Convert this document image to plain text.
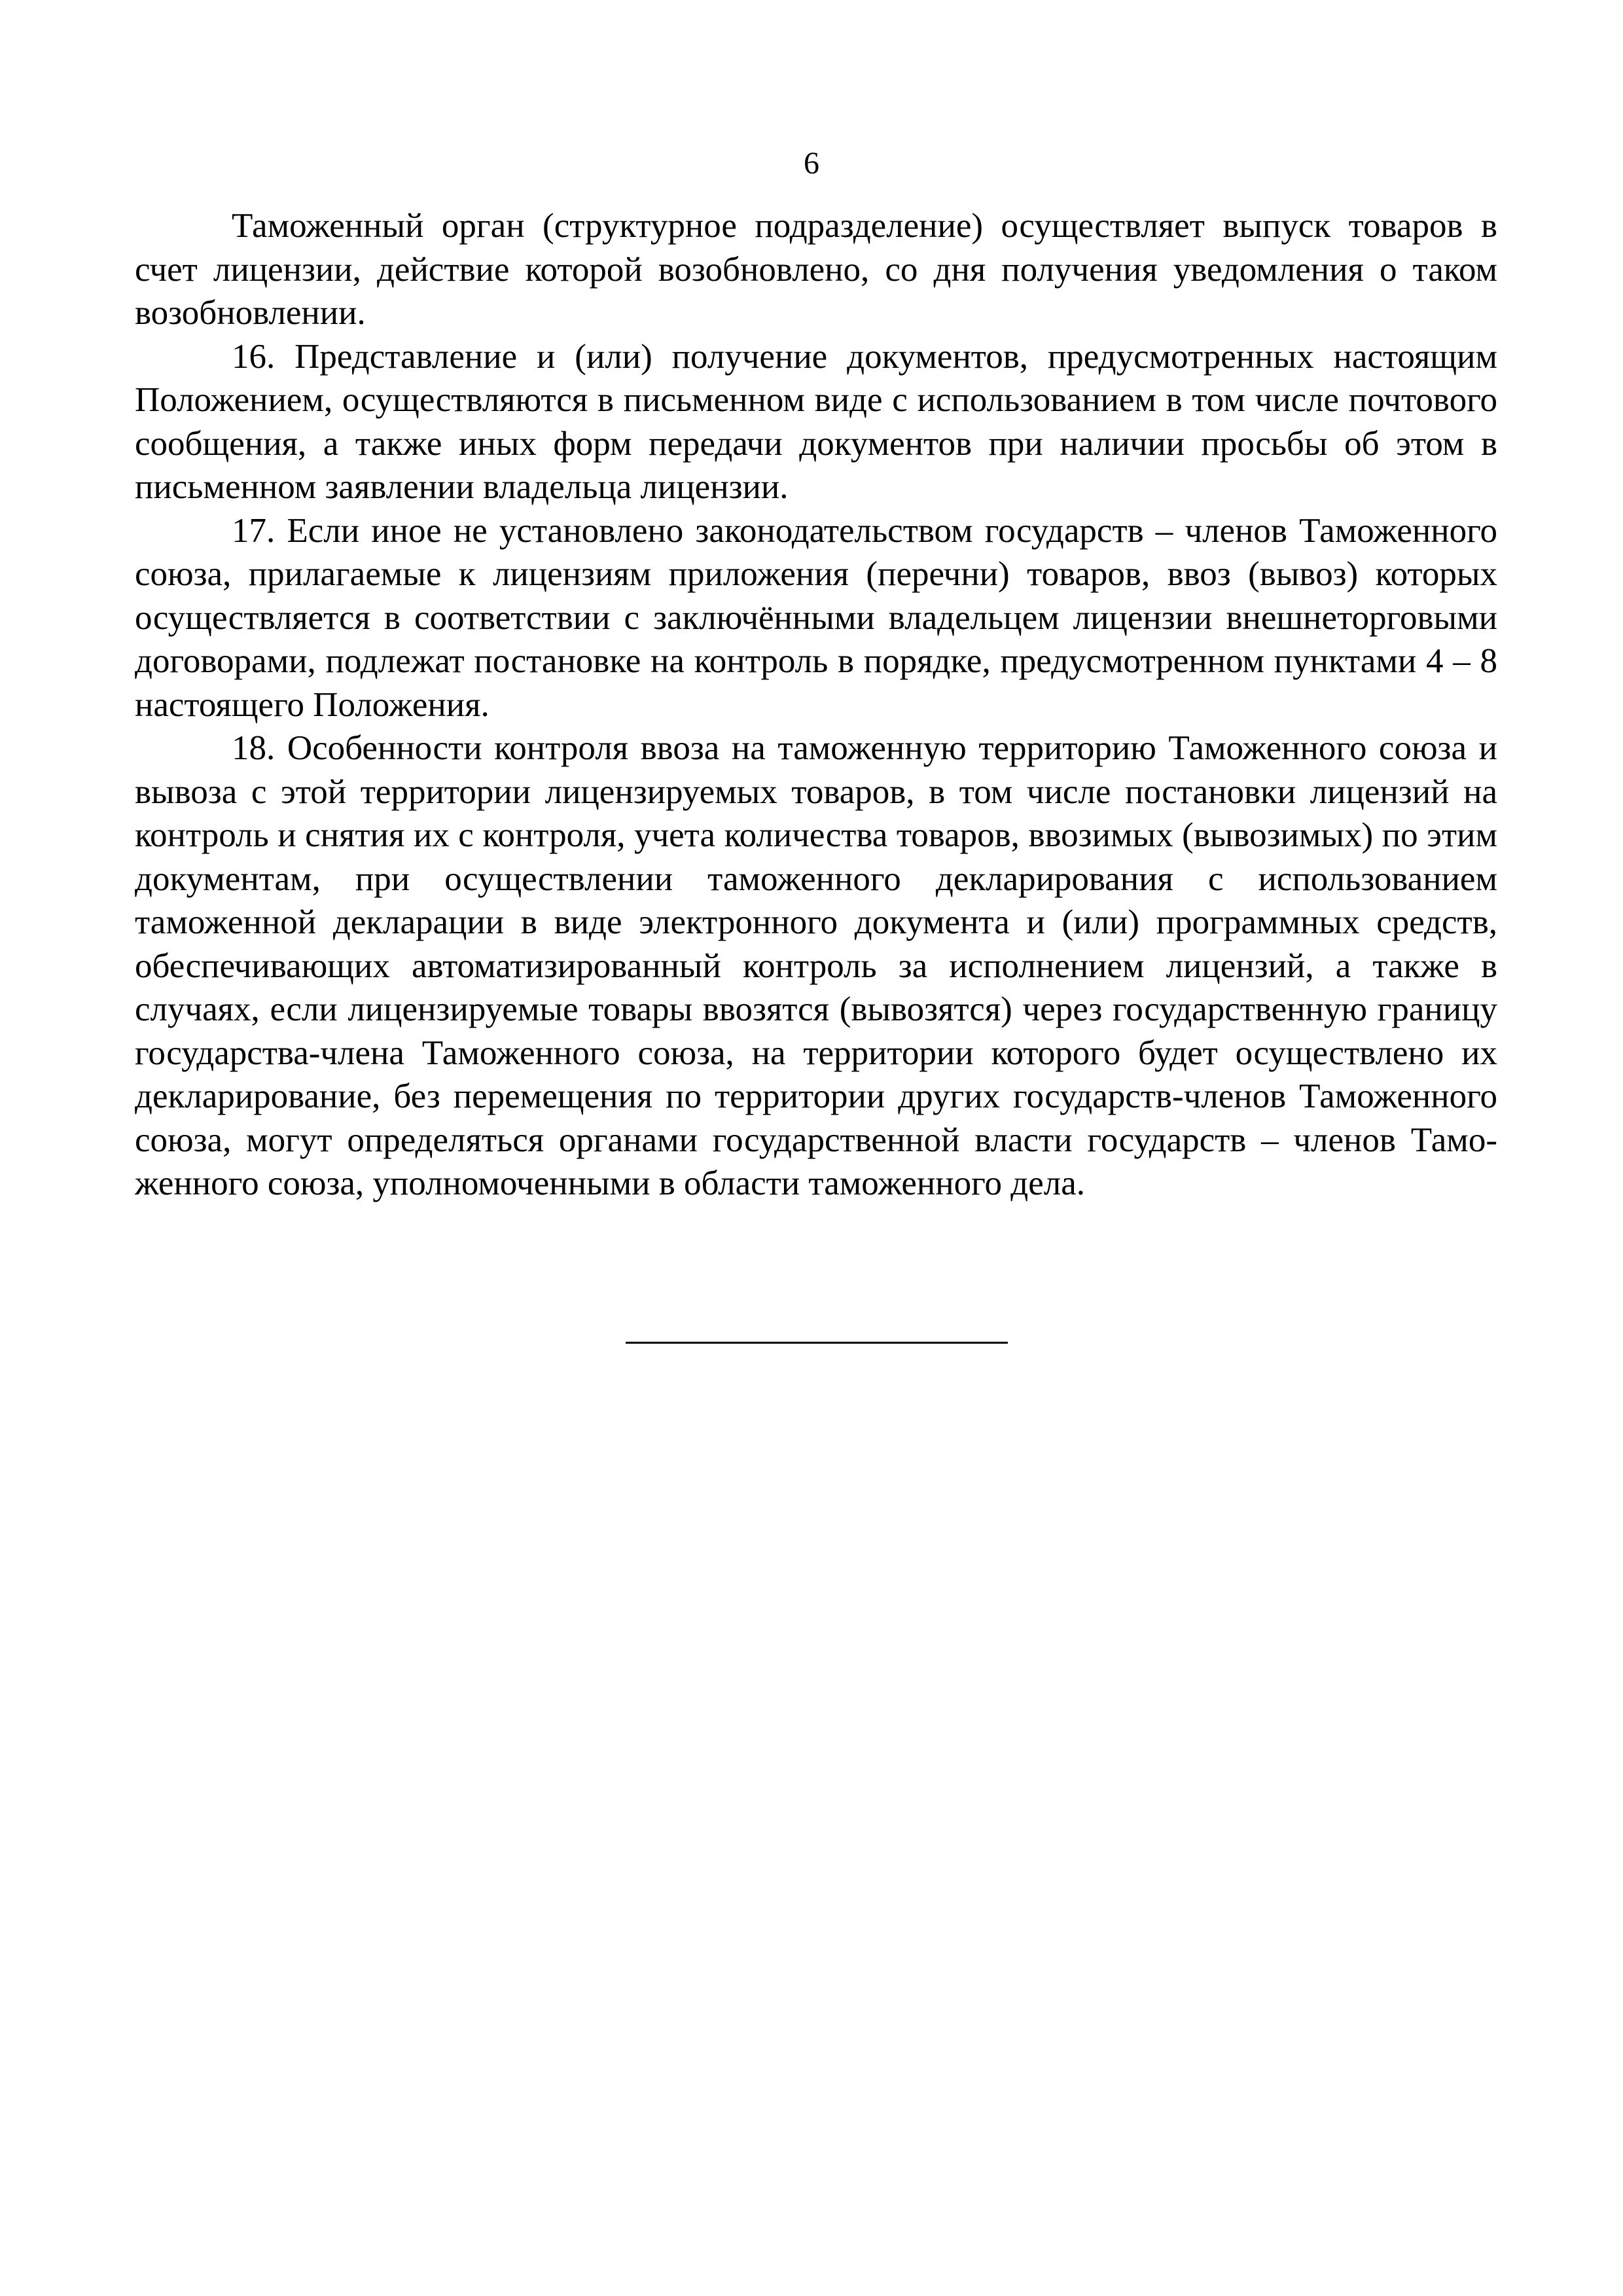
6

Таможенный орган (структурное подразделение) осуществляет выпуск товаров в счет лицензии, действие которой возобновлено, со дня получения уведомления о таком возобновлении.

16. Представление и (или) получение документов, предусмотренных настоящим Положением, осуществляются в письменном виде с использованием в том числе почтового сообщения, а также иных форм передачи документов при наличии просьбы об этом в письменном заявлении владельца лицензии.

17. Если иное не установлено законодательством государств – членов Таможенного союза, прилагаемые к лицензиям приложения (перечни) товаров, ввоз (вывоз) которых осуществляется в соответствии с заключёнными владельцем лицензии внешнеторговыми договорами, подлежат постановке на контроль в порядке, предусмотренном пунктами 4 – 8 настоящего Положения.

18. Особенности контроля ввоза на таможенную территорию Таможенного союза и вывоза с этой территории лицензируемых товаров, в том числе постановки лицензий на контроль и снятия их с контроля, учета количества товаров, ввозимых (вывозимых) по этим документам, при осуществлении таможенного декларирования с использованием таможенной декларации в виде электронного документа и (или) программных средств, обеспечивающих автоматизированный контроль за исполнением лицензий, а также в случаях, если лицензируемые товары ввозятся (вывозятся) через государственную границу государства-члена Таможенного союза, на территории которого будет осуществлено их декларирование, без перемещения по территории других государств-членов Таможенного союза, могут определяться органами государственной власти государств – членов Таможенного союза, уполномоченными в области таможенного дела.
